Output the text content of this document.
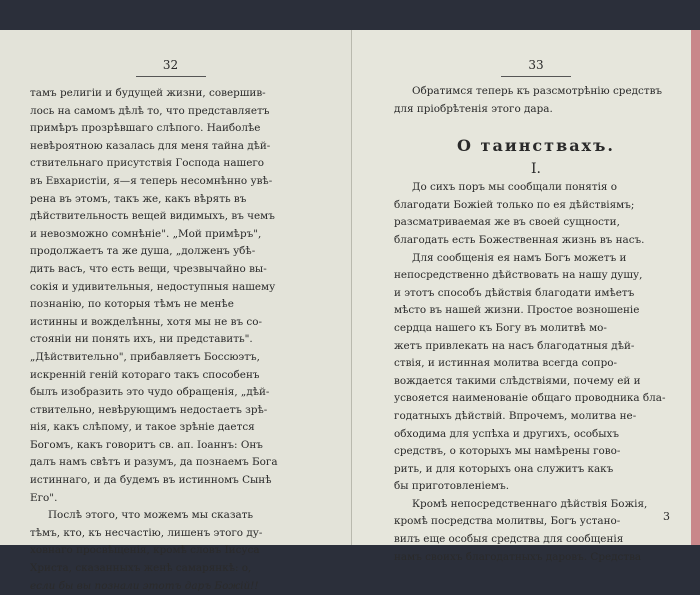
32
тамъ религіи и будущей жизни, совершив-
лось на самомъ дѣлѣ то, что представляетъ
примѣръ прозрѣвшаго слѣпого. Наиболѣе
невѣроятною казалась для меня тайна дѣй-
ствительнаго присутствія Господа нашего
въ Евхаристіи, я—я теперь несомнѣнно увѣ-
рена въ этомъ, такъ же, какъ вѣрять въ
дѣйствительность вещей видимыхъ, въ чемъ
и невозможно сомнѣніе". „Мой примѣръ",
продолжаетъ та же душа, „долженъ убѣ-
дить васъ, что есть вещи, чрезвычайно вы-
сокія и удивительныя, недоступныя нашему
познанію, по которыя тѣмъ не менѣе
истинны и вожделѣнны, хотя мы не въ со-
стояніи ни понять ихъ, ни представить".
„Дѣйствительно", прибавляетъ Боссюэтъ,
искренній геній котораго такъ способенъ
былъ изобразить это чудо обращенія, „дѣй-
ствительно, невѣрующимъ недостаетъ зрѣ-
нія, какъ слѣпому, и такое зрѣніе дается
Богомъ, какъ говоритъ св. ап. Іоаннъ: Онъ
далъ намъ свѣтъ и разумъ, да познаемъ Бога
истиннаго, и да будемъ въ истинномъ Сынѣ
Его".
Послѣ этого, что можемъ мы сказать
тѣмъ, кто, къ несчастію, лишенъ этого ду-
ховнаго просвѣщенія, кромѣ словъ Іисуса
Христа, сказанныхъ женѣ самарянкѣ: о,
если бы вы познали этотъ даръ Божій!!
33
Обратимся теперь къ разсмотрѣнію средствъ
для пріобрѣтенія этого дара.
О таинствахъ.
I.
До сихъ поръ мы сообщали понятія о
благодати Божіей только по ея дѣйствіямъ;
разсматриваемая же въ своей сущности,
благодать есть Божественная жизнь въ насъ.
Для сообщенія ея намъ Богъ можетъ и
непосредственно дѣйствовать на нашу душу,
и этотъ способъ дѣйствія благодати имѣетъ
мѣсто въ нашей жизни. Простое возношеніе
сердца нашего къ Богу въ молитвѣ мо-
жетъ привлекать на насъ благодатныя дѣй-
ствія, и истинная молитва всегда сопро-
вождается такими слѣдствіями, почему ей и
усвояется наименованіе общаго проводника бла-
годатныхъ дѣйствій. Впрочемъ, молитва не-
обходима для успѣха и другихъ, особыхъ
средствъ, о которыхъ мы намѣрены гово-
рить, и для которыхъ она служитъ какъ
бы приготовленіемъ.
Кромѣ непосредственнаго дѣйствія Божія,
кромѣ посредства молитвы, Богъ устано-
вилъ еще особыя средства для сообщенія
намъ своихъ благодатныхъ даровъ. Средства
3
